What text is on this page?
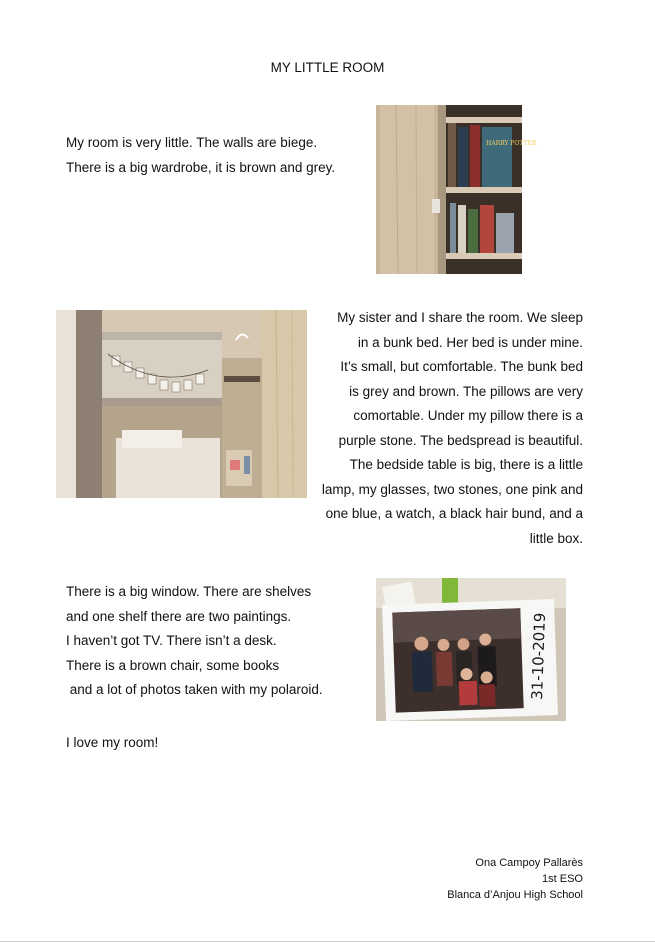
MY LITTLE ROOM
My room is very little. The walls are biege.
There is a big wardrobe, it is brown and grey.
HARRY POTTER
My sister and I share the room. We sleep
in a bunk bed. Her bed is under mine.
It’s small, but comfortable. The bunk bed
is grey and brown. The pillows are very
comortable. Under my pillow there is a
purple stone. The bedspread is beautiful.
The bedside table is big, there is a little
lamp, my glasses, two stones, one pink and
one blue, a watch, a black hair bund, and a
little box.
There is a big window. There are shelves
and one shelf there are two paintings.
I haven’t got TV. There isn’t a desk.
There is a brown chair, some books
and a lot of photos taken with my polaroid.	31-10-2019
I love my room!
Ona Campoy Pallarès
1st ESO
Blanca d’Anjou High School
